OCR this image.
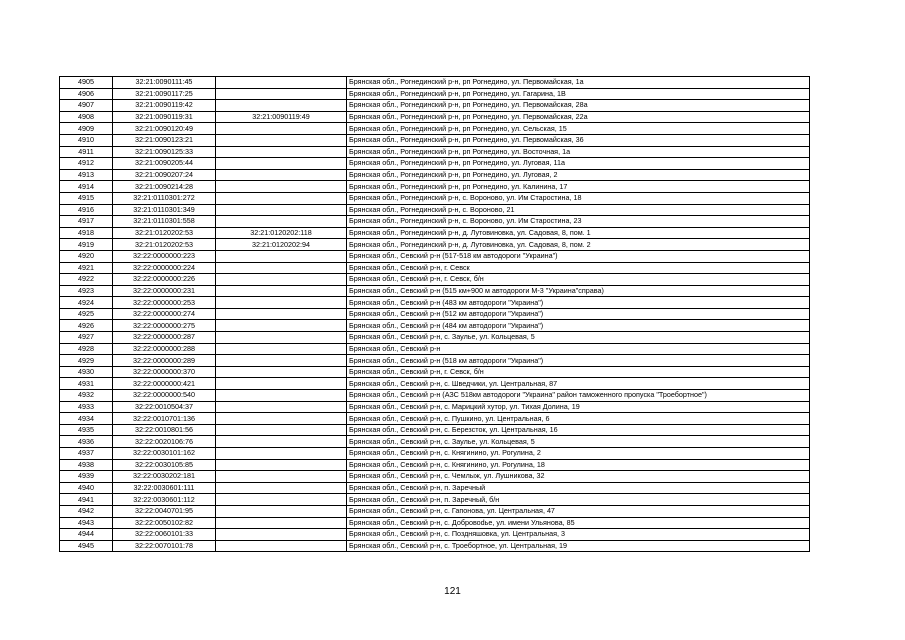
4905	32:21:0090111:45		Брянская обл., Рогнединский р-н, рп Рогнедино, ул. Первомайская, 1а
4906	32:21:0090117:25		Брянская обл., Рогнединский р-н, рп Рогнедино, ул. Гагарина, 1В
4907	32:21:0090119:42		Брянская обл., Рогнединский р-н, рп Рогнедино, ул. Первомайская, 28а
4908	32:21:0090119:31	32:21:0090119:49	Брянская обл., Рогнединский р-н, рп Рогнедино, ул. Первомайская, 22а
4909	32:21:0090120:49		Брянская обл., Рогнединский р-н, рп Рогнедино, ул. Сельская, 15
4910	32:21:0090123:21		Брянская обл., Рогнединский р-н, рп Рогнедино, ул. Первомайская, 36
4911	32:21:0090125:33		Брянская обл., Рогнединский р-н, рп Рогнедино, ул. Восточная, 1а
4912	32:21:0090205:44		Брянская обл., Рогнединский р-н, рп Рогнедино, ул. Луговая, 11а
4913	32:21:0090207:24		Брянская обл., Рогнединский р-н, рп Рогнедино, ул. Луговая, 2
4914	32:21:0090214:28		Брянская обл., Рогнединский р-н, рп Рогнедино, ул. Калинина, 17
4915	32:21:0110301:272		Брянская обл., Рогнединский р-н, с. Вороново, ул. Им Старостина, 18
4916	32:21:0110301:349		Брянская обл., Рогнединский р-н, с. Вороново, 21
4917	32:21:0110301:558		Брянская обл., Рогнединский р-н, с. Вороново, ул. Им Старостина, 23
4918	32:21:0120202:53	32:21:0120202:118	Брянская обл., Рогнединский р-н, д. Лутовиновка, ул. Садовая, 8, пом. 1
4919	32:21:0120202:53	32:21:0120202:94	Брянская обл., Рогнединский р-н, д. Лутовиновка, ул. Садовая, 8, пом. 2
4920	32:22:0000000:223		Брянская обл., Севский р-н (517-518 км автодороги "Украина")
4921	32:22:0000000:224		Брянская обл., Севский р-н, г. Севск
4922	32:22:0000000:226		Брянская обл., Севский р-н, г. Севск, б/н
4923	32:22:0000000:231		Брянская обл., Севский р-н (515 км+900 м автодороги М-3 "Украина"справа)
4924	32:22:0000000:253		Брянская обл., Севский р-н (483 км автодороги "Украина")
4925	32:22:0000000:274		Брянская обл., Севский р-н (512 км автодороги "Украина")
4926	32:22:0000000:275		Брянская обл., Севский р-н (484 км автодороги "Украина")
4927	32:22:0000000:287		Брянская обл., Севский р-н, с. Заулье, ул. Кольцевая, 5
4928	32:22:0000000:288		Брянская обл., Севский р-н
4929	32:22:0000000:289		Брянская обл., Севский р-н (518 км автодороги "Украина")
4930	32:22:0000000:370		Брянская обл., Севский р-н, г. Севск, б/н
4931	32:22:0000000:421		Брянская обл., Севский р-н, с. Шведчики, ул. Центральная, 87
4932	32:22:0000000:540		Брянская обл., Севский р-н (АЗС 518км автодороги "Украина" район таможенного пропуска "Троебортное")
4933	32:22:0010504:37		Брянская обл., Севский р-н, с. Марицкий хутор, ул. Тихая Долина, 19
4934	32:22:0010701:136		Брянская обл., Севский р-н, с. Пушкино, ул. Центральная, 6
4935	32:22:0010801:56		Брянская обл., Севский р-н, с. Березсток, ул. Центральная, 16
4936	32:22:0020106:76		Брянская обл., Севский р-н, с. Заулье, ул. Кольцевая, 5
4937	32:22:0030101:162		Брянская обл., Севский р-н, с. Княгинино, ул. Рогулина, 2
4938	32:22:0030105:85		Брянская обл., Севский р-н, с. Княгинино, ул. Рогулина, 18
4939	32:22:0030202:181		Брянская обл., Севский р-н, с. Чемлыж, ул. Лушникова, 32
4940	32:22:0030601:111		Брянская обл., Севский р-н, п. Заречный
4941	32:22:0030601:112		Брянская обл., Севский р-н, п. Заречный, б/н
4942	32:22:0040701:95		Брянская обл., Севский р-н, с. Гапонова, ул. Центральная, 47
4943	32:22:0050102:82		Брянская обл., Севский р-н, с. Добровоdье, ул. имени Ульянова, 85
4944	32:22:0060101:33		Брянская обл., Севский р-н, с. Поздняшовка, ул. Центральная, 3
4945	32:22:0070101:78		Брянская обл., Севский р-н, с. Троебортное, ул. Центральная, 19
121
